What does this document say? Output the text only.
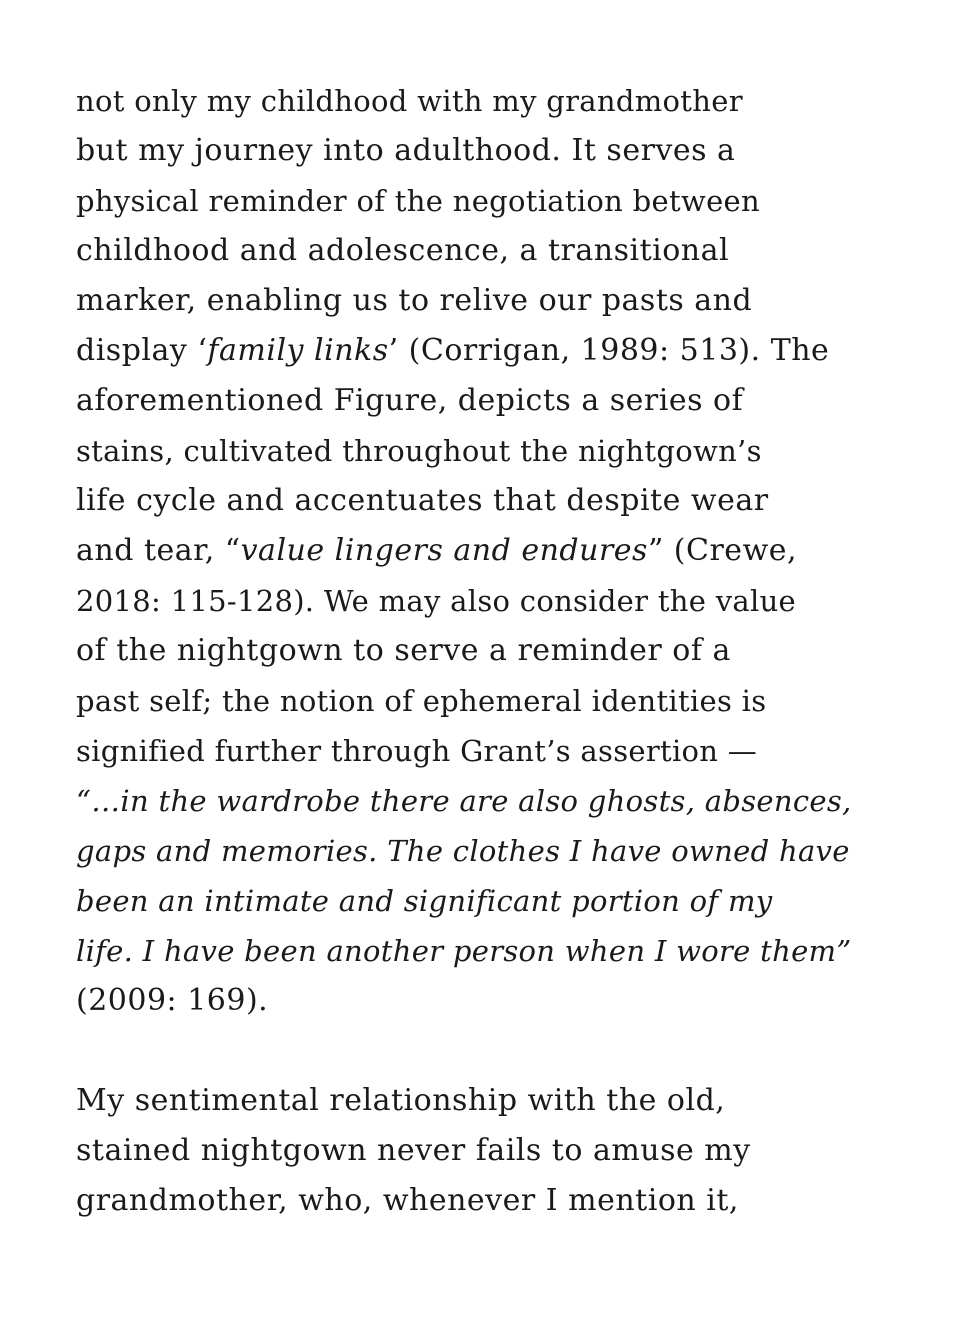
not only my childhood with my grandmother
but my journey into adulthood. It serves a
physical reminder of the negotiation between
childhood and adolescence, a transitional
marker, enabling us to relive our pasts and
display ‘family links’ (Corrigan, 1989: 513). The
aforementioned Figure, depicts a series of
stains, cultivated throughout the nightgown’s
life cycle and accentuates that despite wear
and tear, “value lingers and endures” (Crewe,
2018: 115-128). We may also consider the value
of the nightgown to serve a reminder of a
past self; the notion of ephemeral identities is
signified further through Grant’s assertion —
“…in the wardrobe there are also ghosts, absences,
gaps and memories. The clothes I have owned have
been an intimate and significant portion of my
life. I have been another person when I wore them”
(2009: 169).
My sentimental relationship with the old,
stained nightgown never fails to amuse my
grandmother, who, whenever I mention it,
